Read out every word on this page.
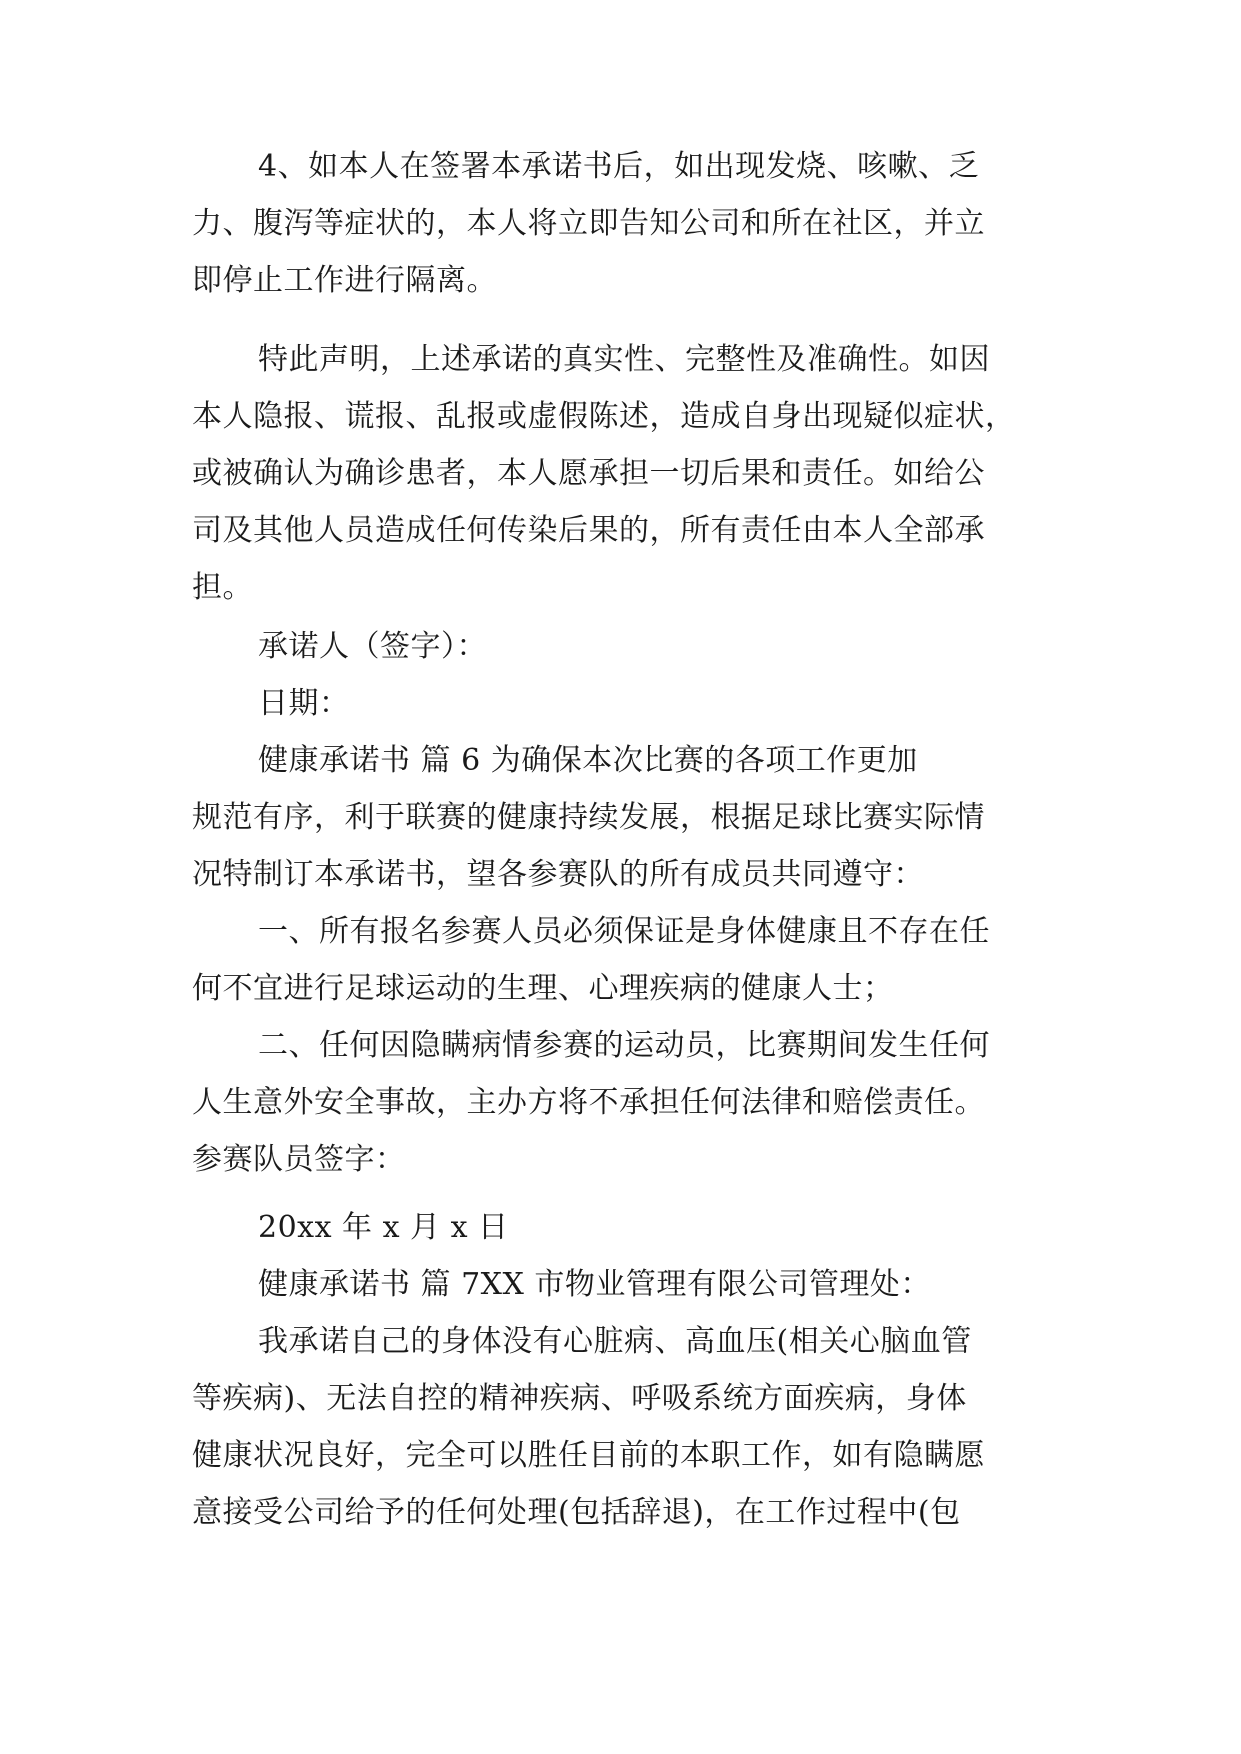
4、如本人在签署本承诺书后，如出现发烧、咳嗽、乏
力、腹泻等症状的，本人将立即告知公司和所在社区，并立
即停止工作进行隔离。
特此声明，上述承诺的真实性、完整性及准确性。如因
本人隐报、谎报、乱报或虚假陈述，造成自身出现疑似症状，
或被确认为确诊患者，本人愿承担一切后果和责任。如给公
司及其他人员造成任何传染后果的，所有责任由本人全部承
担。
承诺人（签字）：
日期：
健康承诺书 篇 6 为确保本次比赛的各项工作更加
规范有序，利于联赛的健康持续发展，根据足球比赛实际情
况特制订本承诺书，望各参赛队的所有成员共同遵守：
一、所有报名参赛人员必须保证是身体健康且不存在任
何不宜进行足球运动的生理、心理疾病的健康人士；
二、任何因隐瞒病情参赛的运动员，比赛期间发生任何
人生意外安全事故，主办方将不承担任何法律和赔偿责任。
参赛队员签字：
20xx 年 x 月 x 日
健康承诺书 篇 7XX 市物业管理有限公司管理处：
我承诺自己的身体没有心脏病、高血压(相关心脑血管
等疾病)、无法自控的精神疾病、呼吸系统方面疾病，身体
健康状况良好，完全可以胜任目前的本职工作，如有隐瞒愿
意接受公司给予的任何处理(包括辞退)，在工作过程中(包
